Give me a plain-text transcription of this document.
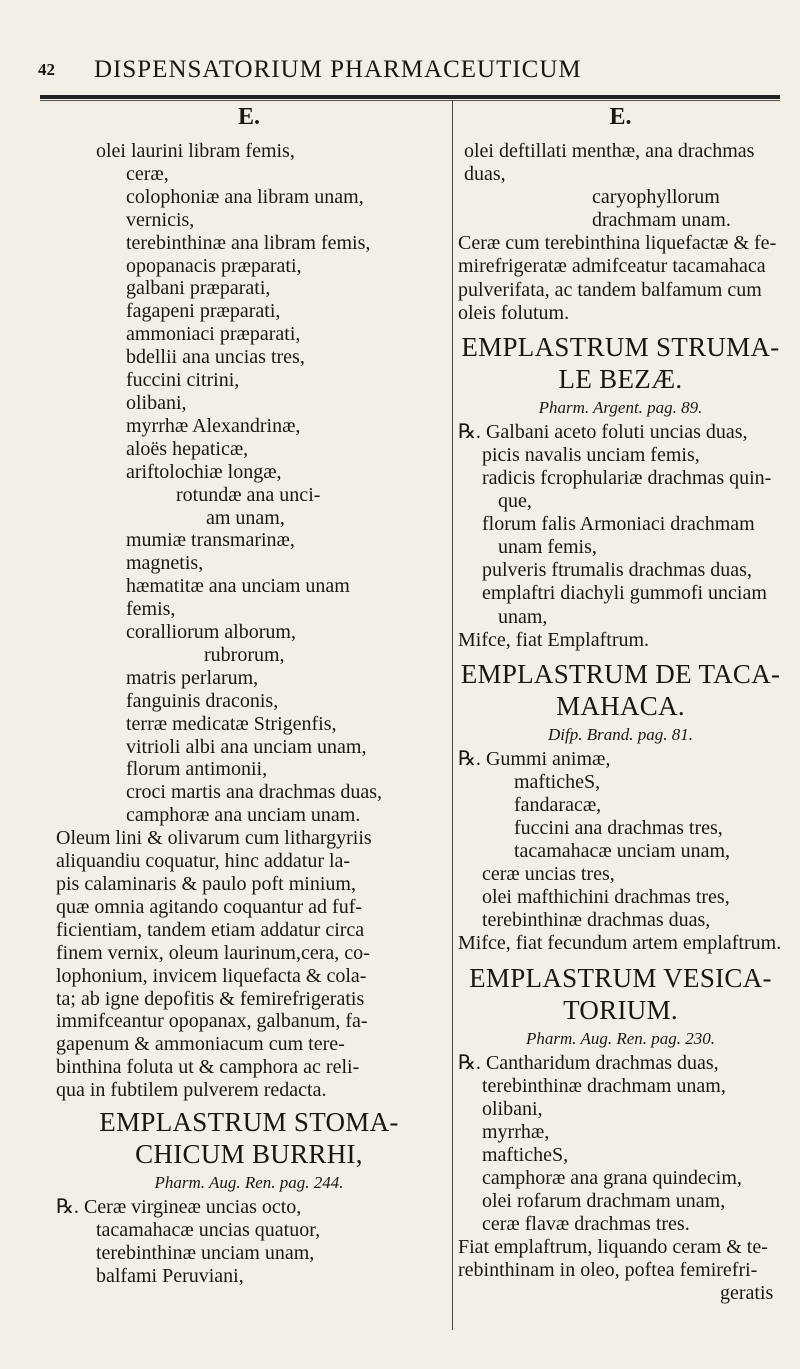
42 DISPENSATORIUM PHARMACEUTICUM
E.
olei laurini libram femis,
ceræ,
colophoniæ ana libram unam,
vernicis,
terebinthinæ ana libram femis,
opopanacis præparati,
galbani præparati,
fagapeni præparati,
ammoniaci præparati,
bdellii ana uncias tres,
fuccini citrini,
olibani,
myrrhæ Alexandrinæ,
aloës hepaticæ,
ariftolochiæ longæ,
rotundæ ana unci-
am unam,
mumiæ transmarinæ,
magnetis,
hæmatitæ ana unciam unam
femis,
coralliorum alborum,
rubrorum,
matris perlarum,
fanguinis draconis,
terræ medicatæ Strigenfis,
vitrioli albi ana unciam unam,
florum antimonii,
croci martis ana drachmas duas,
camphoræ ana unciam unam.
Oleum lini & olivarum cum lithargyriis
aliquandiu coquatur, hinc addatur la-
pis calaminaris & paulo poft minium,
quæ omnia agitando coquantur ad fuf-
ficientiam, tandem etiam addatur circa
finem vernix, oleum laurinum,cera, co-
lophonium, invicem liquefacta & cola-
ta; ab igne depofitis & femirefrigeratis
immifceantur opopanax, galbanum, fa-
gapenum & ammoniacum cum tere-
binthina foluta ut & camphora ac reli-
qua in fubtilem pulverem redacta.
EMPLASTRUM STOMA-
CHICUM BURRHI,
Pharm. Aug. Ren. pag. 244.
℞. Ceræ virgineæ uncias octo,
tacamahacæ uncias quatuor,
terebinthinæ unciam unam,
balfami Peruviani,
E.
olei deftillati menthæ, ana drachmas
duas,
caryophyllorum
drachmam unam.
Ceræ cum terebinthina liquefactæ & fe-
mirefrigeratæ admifceatur tacamahaca
pulverifata, ac tandem balfamum cum
oleis folutum.
EMPLASTRUM STRUMA-
LE BEZÆ.
Pharm. Argent. pag. 89.
℞. Galbani aceto foluti uncias duas,
picis navalis unciam femis,
radicis fcrophulariæ drachmas quin-
que,
florum falis Armoniaci drachmam
unam femis,
pulveris ftrumalis drachmas duas,
emplaftri diachyli gummofi unciam
unam,
Mifce, fiat Emplaftrum.
EMPLASTRUM DE TACA-
MAHACA.
Difp. Brand. pag. 81.
℞. Gummi animæ,
mafticheS,
fandaracæ,
fuccini ana drachmas tres,
tacamahacæ unciam unam,
ceræ uncias tres,
olei mafthichini drachmas tres,
terebinthinæ drachmas duas,
Mifce, fiat fecundum artem emplaftrum.
EMPLASTRUM VESICA-
TORIUM.
Pharm. Aug. Ren. pag. 230.
℞. Cantharidum drachmas duas,
terebinthinæ drachmam unam,
olibani,
myrrhæ,
mafticheS,
camphoræ ana grana quindecim,
olei rofarum drachmam unam,
ceræ flavæ drachmas tres.
Fiat emplaftrum, liquando ceram & te-
rebinthinam in oleo, poftea femirefri-
geratis
